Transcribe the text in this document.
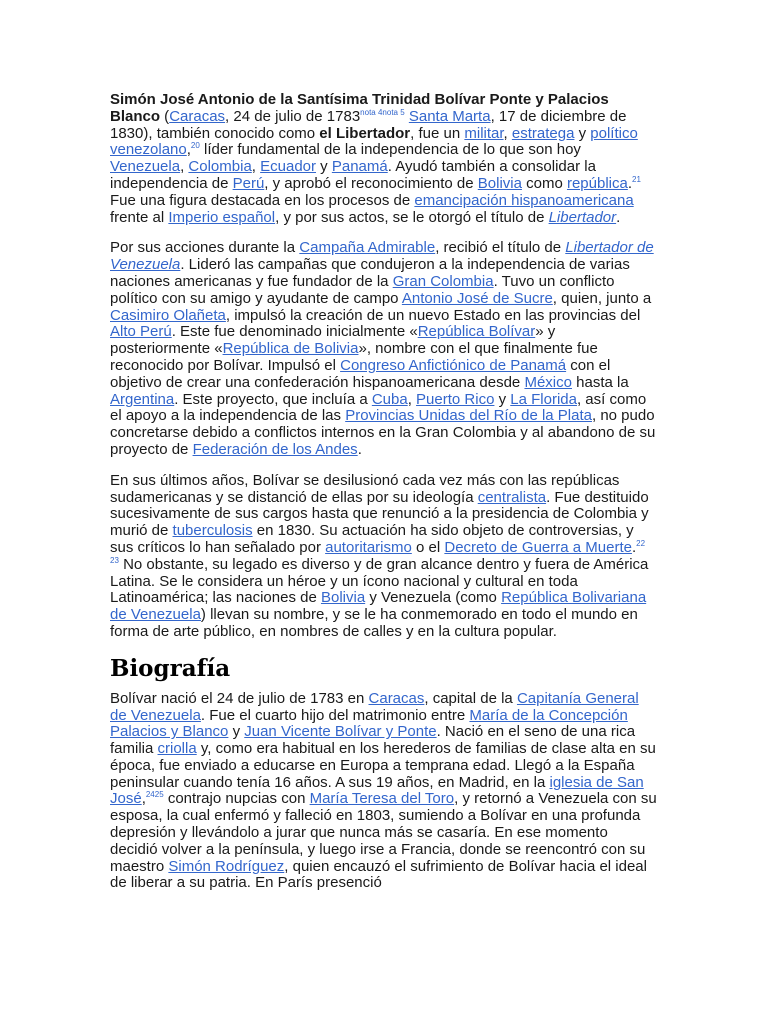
Simón José Antonio de la Santísima Trinidad Bolívar Ponte y Palacios Blanco (Caracas, 24 de julio de $1783^{nota 4nota 5}$ Santa Marta, 17 de diciembre de 1830), también conocido como el Libertador, fue un militar, estratega y político venezolano,$^{20}$ líder fundamental de la independencia de lo que son hoy Venezuela, Colombia, Ecuador y Panamá. Ayudó también a consolidar la independencia de Perú, y aprobó el reconocimiento de Bolivia como república.$^{21}$ Fue una figura destacada en los procesos de emancipación hispanoamericana frente al Imperio español, y por sus actos, se le otorgó el título de Libertador.

Por sus acciones durante la Campaña Admirable, recibió el título de Libertador de Venezuela. Lideró las campañas que condujeron a la independencia de varias naciones americanas y fue fundador de la Gran Colombia. Tuvo un conflicto político con su amigo y ayudante de campo Antonio José de Sucre, quien, junto a Casimiro Olañeta, impulsó la creación de un nuevo Estado en las provincias del Alto Perú. Este fue denominado inicialmente «República Bolívar» y posteriormente «República de Bolivia», nombre con el que finalmente fue reconocido por Bolívar. Impulsó el Congreso Anfictiónico de Panamá con el objetivo de crear una confederación hispanoamericana desde México hasta la Argentina. Este proyecto, que incluía a Cuba, Puerto Rico y La Florida, así como el apoyo a la independencia de las Provincias Unidas del Río de la Plata, no pudo concretarse debido a conflictos internos en la Gran Colombia y al abandono de su proyecto de Federación de los Andes.

En sus últimos años, Bolívar se desilusionó cada vez más con las repúblicas sudamericanas y se distanció de ellas por su ideología centralista. Fue destituido sucesivamente de sus cargos hasta que renunció a la presidencia de Colombia y murió de tuberculosis en 1830. Su actuación ha sido objeto de controversias, y sus críticos lo han señalado por autoritarismo o el Decreto de Guerra a Muerte.$^{22}$ $^{23}$ No obstante, su legado es diverso y de gran alcance dentro y fuera de América Latina. Se le considera un héroe y un ícono nacional y cultural en toda Latinoamérica; las naciones de Bolivia y Venezuela (como República Bolivariana de Venezuela) llevan su nombre, y se le ha conmemorado en todo el mundo en forma de arte público, en nombres de calles y en la cultura popular.

Biografía

Bolívar nació el 24 de julio de 1783 en Caracas, capital de la Capitanía General de Venezuela. Fue el cuarto hijo del matrimonio entre María de la Concepción Palacios y Blanco y Juan Vicente Bolívar y Ponte. Nació en el seno de una rica familia criolla y, como era habitual en los herederos de familias de clase alta en su época, fue enviado a educarse en Europa a temprana edad. Llegó a la España peninsular cuando tenía 16 años. A sus 19 años, en Madrid, en la iglesia de San José,$^{2425}$ contrajo nupcias con María Teresa del Toro, y retornó a Venezuela con su esposa, la cual enfermó y falleció en 1803, sumiendo a Bolívar en una profunda depresión y llevándolo a jurar que nunca más se casaría. En ese momento decidió volver a la península, y luego irse a Francia, donde se reencontró con su maestro Simón Rodríguez, quien encauzó el sufrimiento de Bolívar hacia el ideal de liberar a su patria. En París presenció
